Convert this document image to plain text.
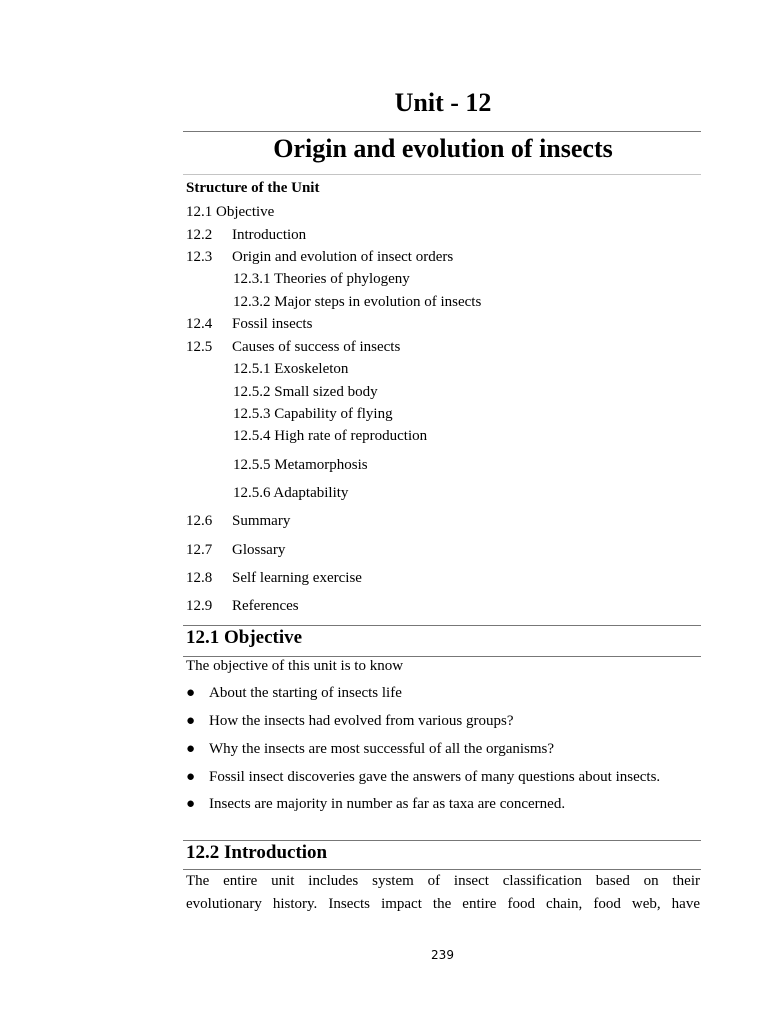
Unit - 12
Origin and evolution of insects
Structure of the Unit
12.1 Objective
12.2 Introduction
12.3 Origin and evolution of insect orders
12.3.1 Theories of phylogeny
12.3.2 Major steps in evolution of insects
12.4 Fossil insects
12.5 Causes of success of insects
12.5.1 Exoskeleton
12.5.2 Small sized body
12.5.3 Capability of flying
12.5.4 High rate of reproduction
12.5.5 Metamorphosis
12.5.6 Adaptability
12.6 Summary
12.7 Glossary
12.8 Self learning exercise
12.9 References
12.1 Objective
The objective of this unit is to know
● About the starting of insects life
● How the insects had evolved from various groups?
● Why the insects are most successful of all the organisms?
● Fossil insect discoveries gave the answers of many questions about insects.
● Insects are majority in number as far as taxa are concerned.
12.2 Introduction
The entire unit includes system of insect classification based on their
evolutionary history. Insects impact the entire food chain, food web, have
239
